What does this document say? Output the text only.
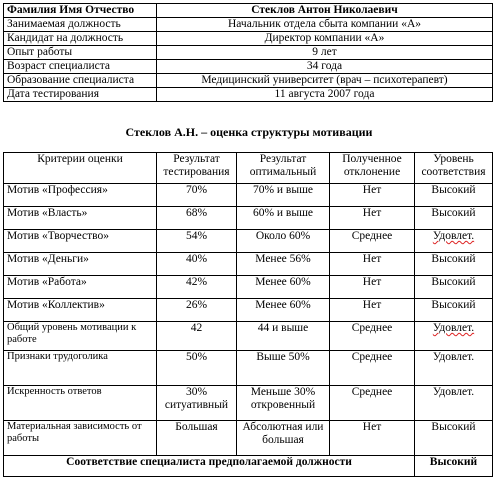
Фамилия Имя Отчество	Стеклов Антон Николаевич
Занимаемая должность	Начальник отдела сбыта компании «А»
Кандидат на должность	Директор компании «А»
Опыт работы	9 лет
Возраст специалиста	34 года
Образование специалиста	Медицинский университет (врач – психотерапевт)
Дата тестирования	11 августа 2007 года
Стеклов А.Н. – оценка структуры мотивации
Критерии оценки	Результат тестирования	Результат оптимальный	Полученное отклонение	Уровень соответствия
Мотив «Профессия»	70%	70% и выше	Нет	Высокий
Мотив «Власть»	68%	60% и выше	Нет	Высокий
Мотив «Творчество»	54%	Около 60%	Среднее	Удовлет.
Мотив «Деньги»	40%	Менее 56%	Нет	Высокий
Мотив «Работа»	42%	Менее 60%	Нет	Высокий
Мотив «Коллектив»	26%	Менее 60%	Нет	Высокий
Общий уровень мотивации к работе	42	44 и выше	Среднее	Удовлет.
Признаки трудоголика	50%	Выше 50%	Среднее	Удовлет.
Искренность ответов	30% ситуативный	Меньше 30% откровенный	Среднее	Удовлет.
Материальная зависимость от работы	Большая	Абсолютная или большая	Нет	Высокий
Соответствие специалиста предполагаемой должности				Высокий
